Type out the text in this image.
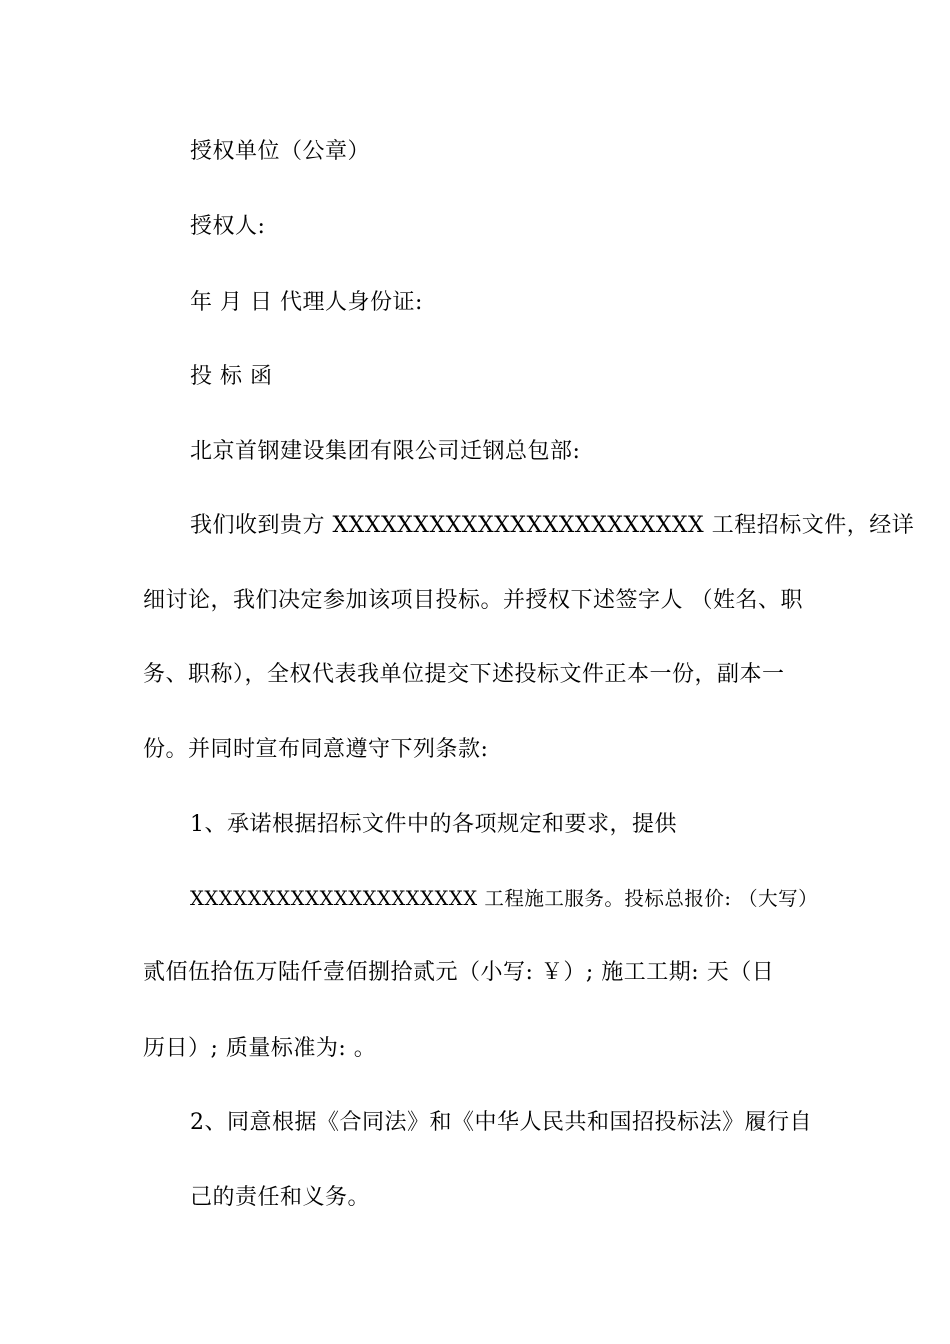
授权单位（公章）
授权人:
年 月 日 代理人身份证:
投 标 函
北京首钢建设集团有限公司迁钢总包部:
我们收到贵方 XXXXXXXXXXXXXXXXXXXXXXX 工程招标文件，经详
细讨论，我们决定参加该项目投标。并授权下述签字人 （姓名、职
务、职称），全权代表我单位提交下述投标文件正本一份，副本一
份。并同时宣布同意遵守下列条款:
1、承诺根据招标文件中的各项规定和要求，提供
XXXXXXXXXXXXXXXXXXXX 工程施工服务。投标总报价: （大写）
贰佰伍拾伍万陆仟壹佰捌拾贰元（小写: ￥）; 施工工期: 天（日
历日）; 质量标准为: 。
2、同意根据《合同法》和《中华人民共和国招投标法》履行自
己的责任和义务。
